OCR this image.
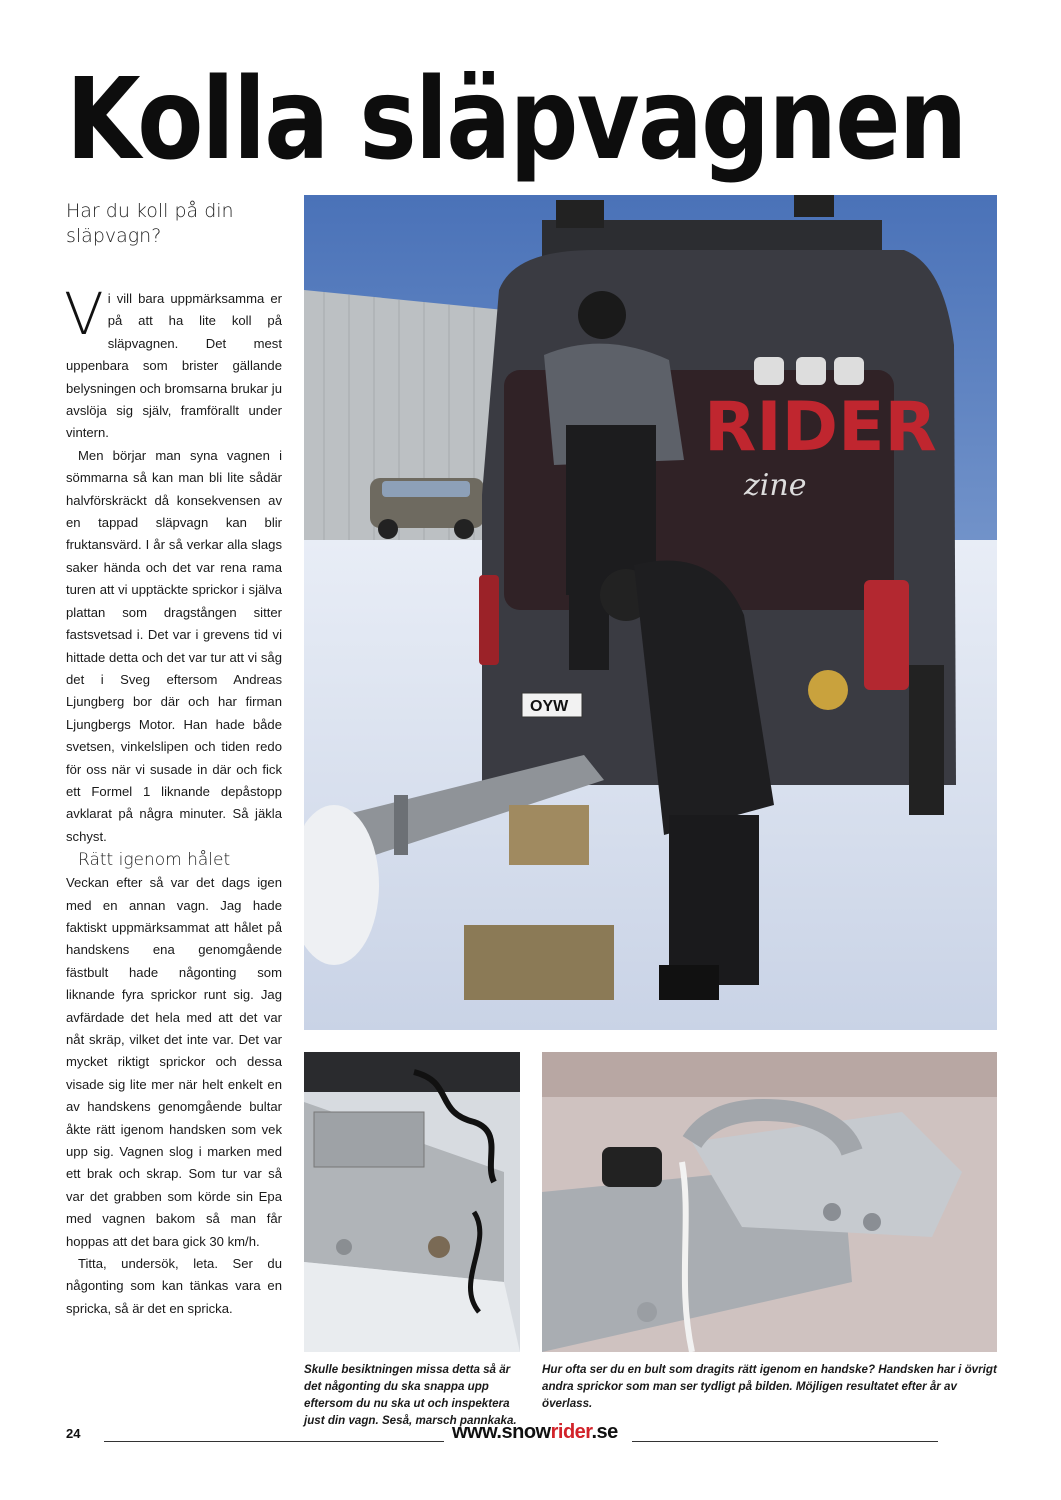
Kolla släpvagnen
Har du koll på din släpvagn?

Vi vill bara uppmärksamma er på att ha lite koll på släpvagnen. Det mest uppenbara som brister gällande belysningen och bromsarna brukar ju avslöja sig själv, framförallt under vintern.

Men börjar man syna vagnen i sömmarna så kan man bli lite sådär halvförskräckt då konsekvensen av en tappad släpvagn kan blir fruktansvärd. I år så verkar alla slags saker hända och det var rena rama turen att vi upptäckte sprickor i själva plattan som dragstången sitter fastsvetsad i. Det var i grevens tid vi hittade detta och det var tur att vi såg det i Sveg eftersom Andreas Ljungberg bor där och har firman Ljungbergs Motor. Han hade både svetsen, vinkelslipen och tiden redo för oss när vi susade in där och fick ett Formel 1 liknande depåstopp avklarat på några minuter. Så jäkla schyst.

Rätt igenom hålet

Veckan efter så var det dags igen med en annan vagn. Jag hade faktiskt uppmärksammat att hålet på handskens ena genomgående fästbult hade någonting som liknande fyra sprickor runt sig. Jag avfärdade det hela med att det var nåt skräp, vilket det inte var. Det var mycket riktigt sprickor och dessa visade sig lite mer när helt enkelt en av handskens genomgående bultar åkte rätt igenom handsken som vek upp sig. Vagnen slog i marken med ett brak och skrap. Som tur var så var det grabben som körde sin Epa med vagnen bakom så man får hoppas att det bara gick 30 km/h.

Titta, undersök, leta. Ser du någonting som kan tänkas vara en spricka, så är det en spricka.

RIDER
zine
OYW
Skulle besiktningen missa detta så är det någonting du ska snappa upp eftersom du nu ska ut och inspektera just din vagn. Seså, marsch pannkaka.
Hur ofta ser du en bult som dragits rätt igenom en handske? Handsken har i övrigt andra sprickor som man ser tydligt på bilden. Möjligen resultatet efter år av överlass.
24	www.snowrider.se
